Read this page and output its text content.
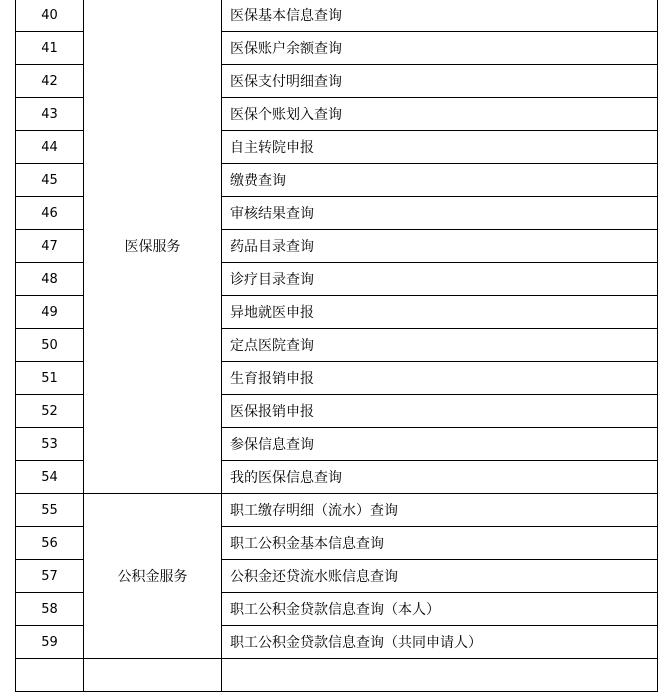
40	医保服务	医保基本信息查询
41		医保账户余额查询
42		医保支付明细查询
43		医保个账划入查询
44		自主转院申报
45		缴费查询
46		审核结果查询
47		药品目录查询
48		诊疗目录查询
49		异地就医申报
50		定点医院查询
51		生育报销申报
52		医保报销申报
53		参保信息查询
54		我的医保信息查询
55	公积金服务	职工缴存明细（流水）查询
56		职工公积金基本信息查询
57		公积金还贷流水账信息查询
58		职工公积金贷款信息查询（本人）
59		职工公积金贷款信息查询（共同申请人）
